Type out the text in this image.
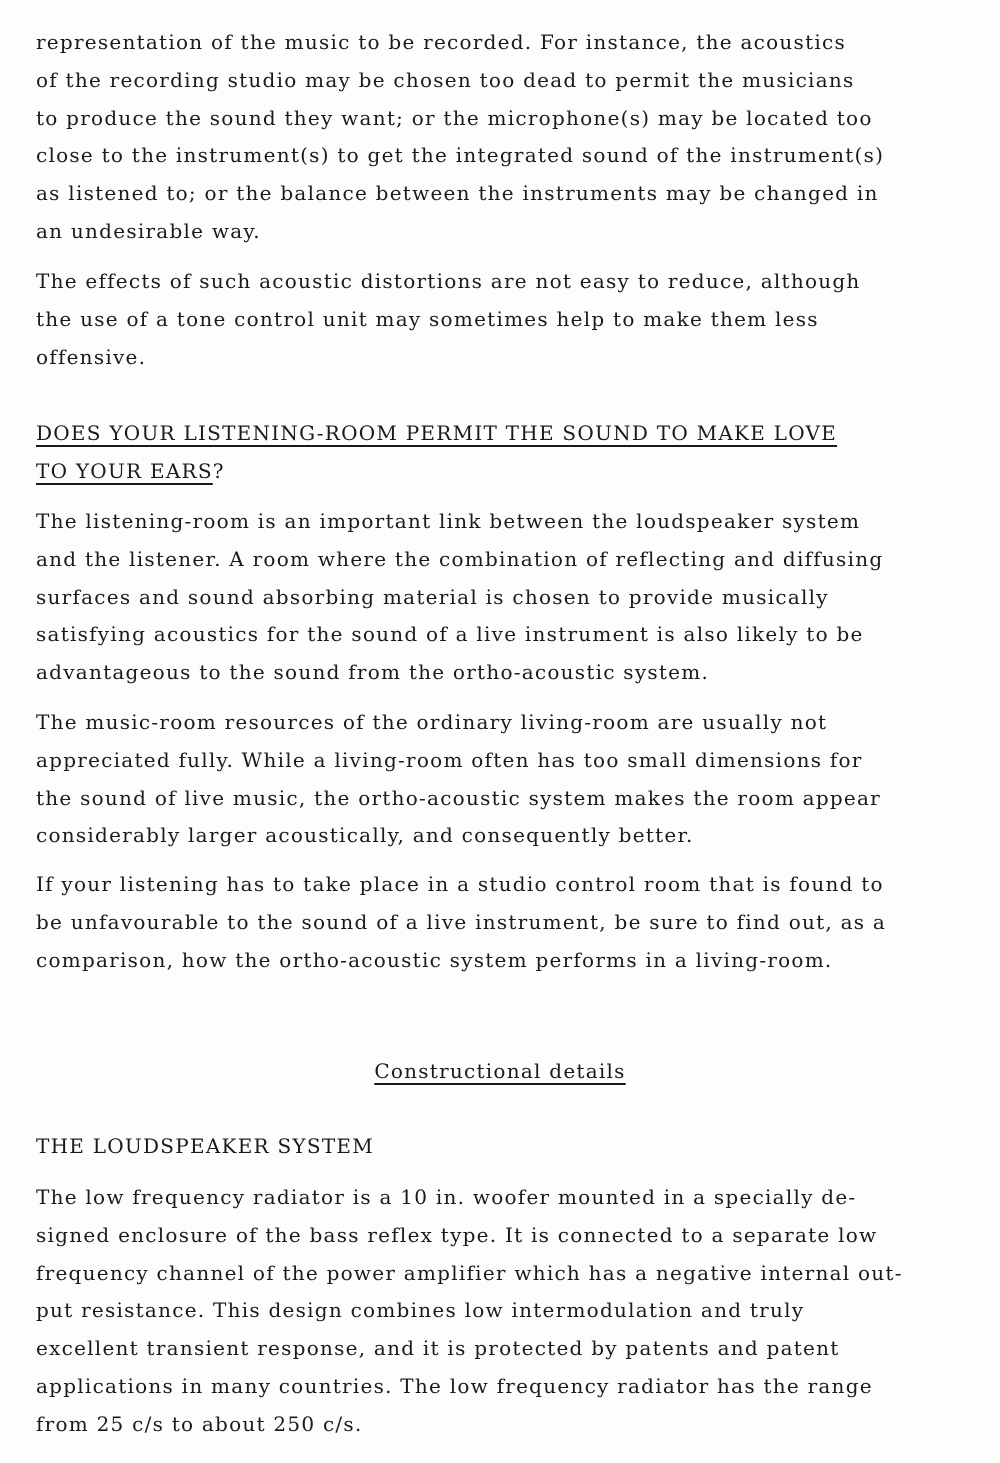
representation of the music to be recorded. For instance, the acoustics

of the recording studio may be chosen too dead to permit the musicians

to produce the sound they want; or the microphone(s) may be located too

close to the instrument(s) to get the integrated sound of the instrument(s)

as listened to; or the balance between the instruments may be changed in

an undesirable way.

The effects of such acoustic distortions are not easy to reduce, although

the use of a tone control unit may sometimes help to make them less

offensive.

DOES YOUR LISTENING-ROOM PERMIT THE SOUND TO MAKE LOVE

TO YOUR EARS?

The listening-room is an important link between the loudspeaker system

and the listener. A room where the combination of reflecting and diffusing

surfaces and sound absorbing material is chosen to provide musically

satisfying acoustics for the sound of a live instrument is also likely to be

advantageous to the sound from the ortho-acoustic system.

The music-room resources of the ordinary living-room are usually not

appreciated fully. While a living-room often has too small dimensions for

the sound of live music, the ortho-acoustic system makes the room appear

considerably larger acoustically, and consequently better.

If your listening has to take place in a studio control room that is found to

be unfavourable to the sound of a live instrument, be sure to find out, as a

comparison, how the ortho-acoustic system performs in a living-room.

Constructional details

THE LOUDSPEAKER SYSTEM

The low frequency radiator is a 10 in. woofer mounted in a specially de-

signed enclosure of the bass reflex type. It is connected to a separate low

frequency channel of the power amplifier which has a negative internal out-

put resistance. This design combines low intermodulation and truly

excellent transient response, and it is protected by patents and patent

applications in many countries. The low frequency radiator has the range

from 25 c/s to about 250 c/s.
